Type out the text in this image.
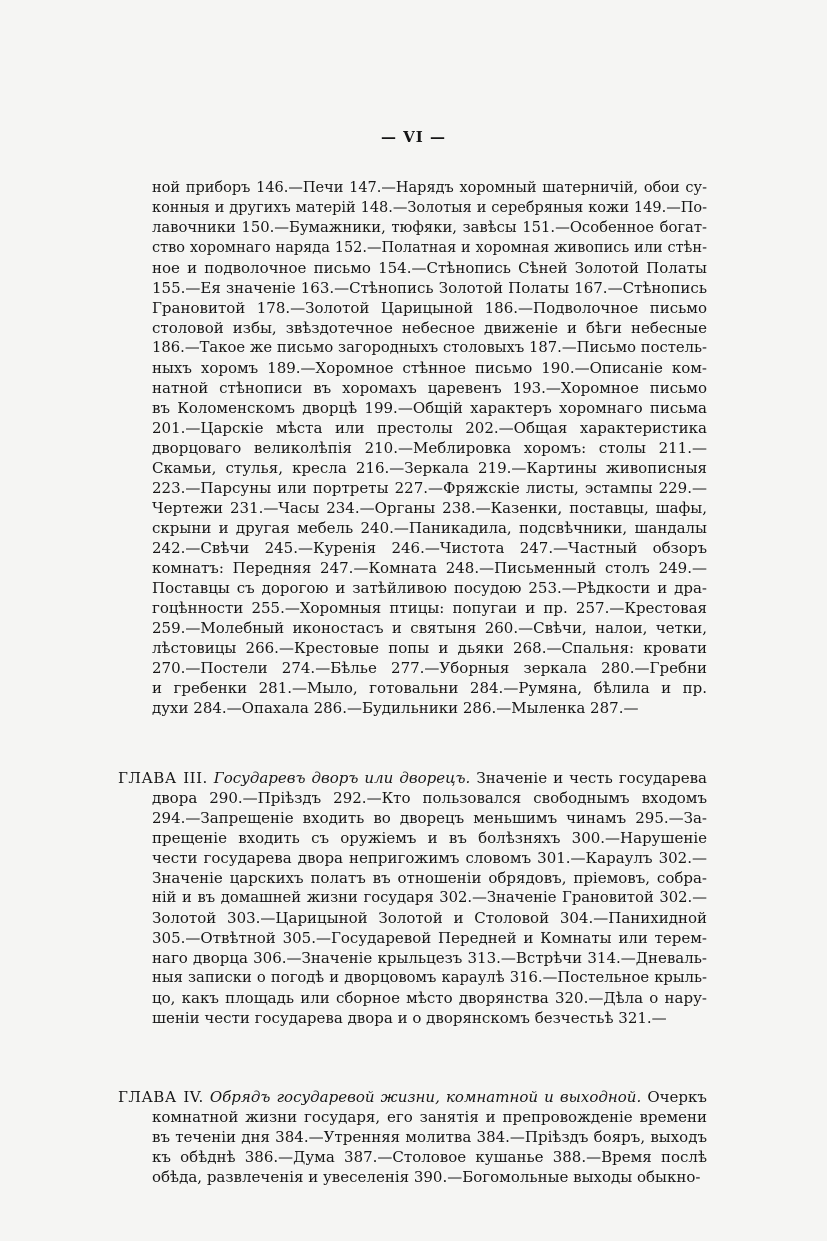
— VI —
ной приборъ 146.—Печи 147.—Нарядъ хоромный шатерничій, обои су-
конныя и другихъ матерій 148.—Золотыя и серебряныя кожи 149.—По-
лавочники 150.—Бумажники, тюфяки, завѣсы 151.—Особенное богат-
ство хоромнаго наряда 152.—Полатная и хоромная живопись или стѣн-
ное и подволочное письмо 154.—Стѣнопись Сѣней Золотой Полаты
155.—Ея значеніе 163.—Стѣнопись Золотой Полаты 167.—Стѣнопись
Грановитой 178.—Золотой Царицыной 186.—Подволочное письмо
столовой избы, звѣздотечное небесное движеніе и бѣги небесные
186.—Такое же письмо загородныхъ столовыхъ 187.—Письмо постель-
ныхъ хоромъ 189.—Хоромное стѣнное письмо 190.—Описаніе ком-
натной стѣнописи въ хоромахъ царевенъ 193.—Хоромное письмо
въ Коломенскомъ дворцѣ 199.—Общій характеръ хоромнаго письма
201.—Царскіе мѣста или престолы 202.—Общая характеристика
дворцоваго великолѣпія 210.—Меблировка хоромъ: столы 211.—
Скамьи, стулья, кресла 216.—Зеркала 219.—Картины живописныя
223.—Парсуны или портреты 227.—Фряжскіе листы, эстампы 229.—
Чертежи 231.—Часы 234.—Органы 238.—Казенки, поставцы, шафы,
скрыни и другая мебель 240.—Паникадила, подсвѣчники, шандалы
242.—Свѣчи 245.—Куренія 246.—Чистота 247.—Частный обзоръ
комнатъ: Передняя 247.—Комната 248.—Письменный столъ 249.—
Поставцы съ дорогою и затѣйливою посудою 253.—Рѣдкости и дра-
гоцѣнности 255.—Хоромныя птицы: попугаи и пр. 257.—Крестовая
259.—Молебный иконостасъ и святыня 260.—Свѣчи, налои, четки,
лѣстовицы 266.—Крестовые попы и дьяки 268.—Спальня: кровати
270.—Постели 274.—Бѣлье 277.—Уборныя зеркала 280.—Гребни
и гребенки 281.—Мыло, готовальни 284.—Румяна, бѣлила и пр.
духи 284.—Опахала 286.—Будильники 286.—Мыленка 287.—
ГЛАВА III. Государевъ дворъ или дворецъ. Значеніе и честь государева
двора 290.—Пріѣздъ 292.—Кто пользовался свободнымъ входомъ
294.—Запрещеніе входить во дворецъ меньшимъ чинамъ 295.—За-
прещеніе входить съ оружіемъ и въ болѣзняхъ 300.—Нарушеніе
чести государева двора непригожимъ словомъ 301.—Карaулъ 302.—
Значеніе царскихъ полатъ въ отношеніи обрядовъ, пріемовъ, собра-
ній и въ домашней жизни государя 302.—Значеніе Грановитой 302.—
Золотой 303.—Царицыной Золотой и Столовой 304.—Панихидной
305.—Отвѣтной 305.—Государевой Передней и Комнаты или терем-
наго дворца 306.—Значеніе крыльцезъ 313.—Встрѣчи 314.—Дневаль-
ныя записки о погодѣ и дворцовомъ караулѣ 316.—Постельное крыль-
цо, какъ площадь или сборное мѣсто дворянства 320.—Дѣла о нару-
шеніи чести государева двора и о дворянскомъ безчестьѣ 321.—
ГЛАВА IV. Обрядъ государевой жизни, комнатной и выходной. Очеркъ
комнатной жизни государя, его занятія и препровожденіе времени
въ теченіи дня 384.—Утренняя молитва 384.—Пріѣздъ бояръ, выходъ
къ обѣднѣ 386.—Дума 387.—Столовое кушанье 388.—Время послѣ
обѣда, развлеченія и увеселенія 390.—Богомольные выходы обыкно-
